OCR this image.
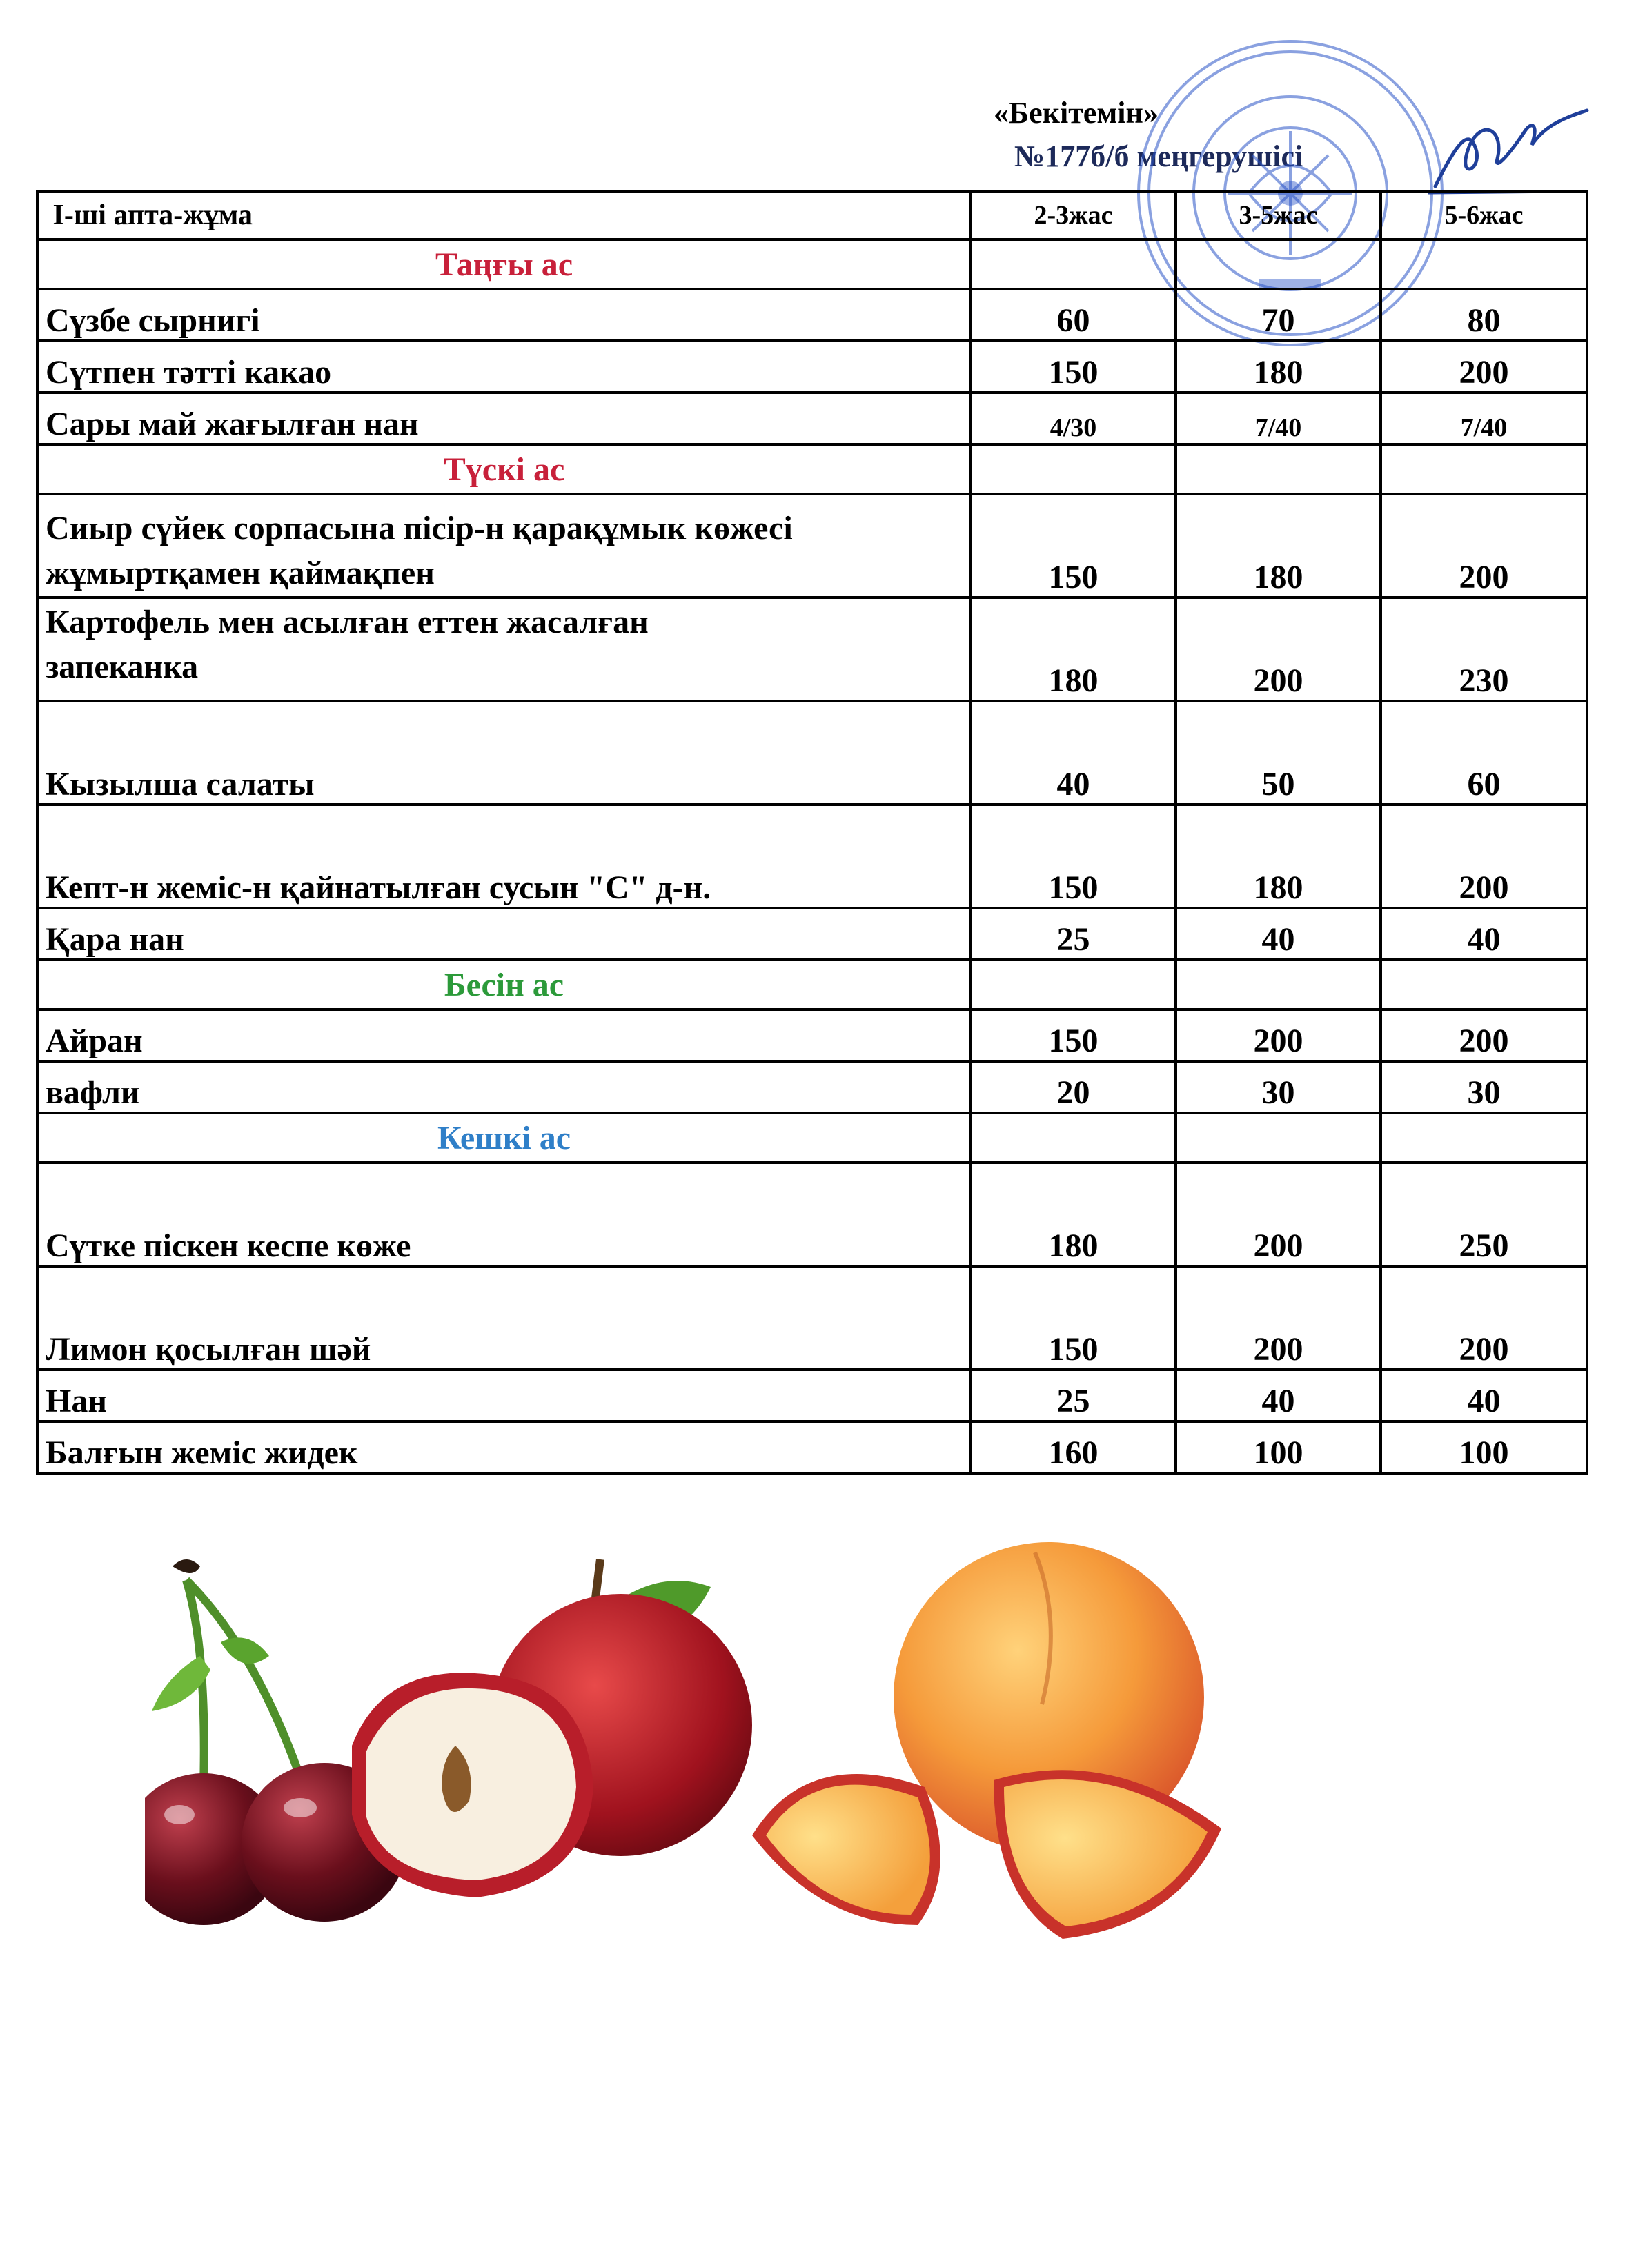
«Бекітемін»
№177б/б меңгерушісі
І-ші апта-жұма	2-3жас	3-5жас	5-6жас
Таңғы ас			
Сүзбе сырнигі	60	70	80
Сүтпен тәтті какао	150	180	200
Сары май жағылған нан	4/30	7/40	7/40
Түскі ас			

Сиыр сүйек сорпасына пісір-н қарақұмык көжесі
жұмыртқамен қаймақпен	150	180	200

Картофель мен асылған еттен жасалған
запеканка	180	200	230
Кызылша салаты	40	50	60
Кепт-н жеміс-н қайнатылған сусын "С" д-н.	150	180	200
Қара нан	25	40	40
Бесін ас			
Айран	150	200	200
вафли	20	30	30
Кешкі ас			
Сүтке піскен кеспе көже	180	200	250
Лимон қосылған шәй	150	200	200
Нан	25	40	40
Балғын жеміс жидек	160	100	100
